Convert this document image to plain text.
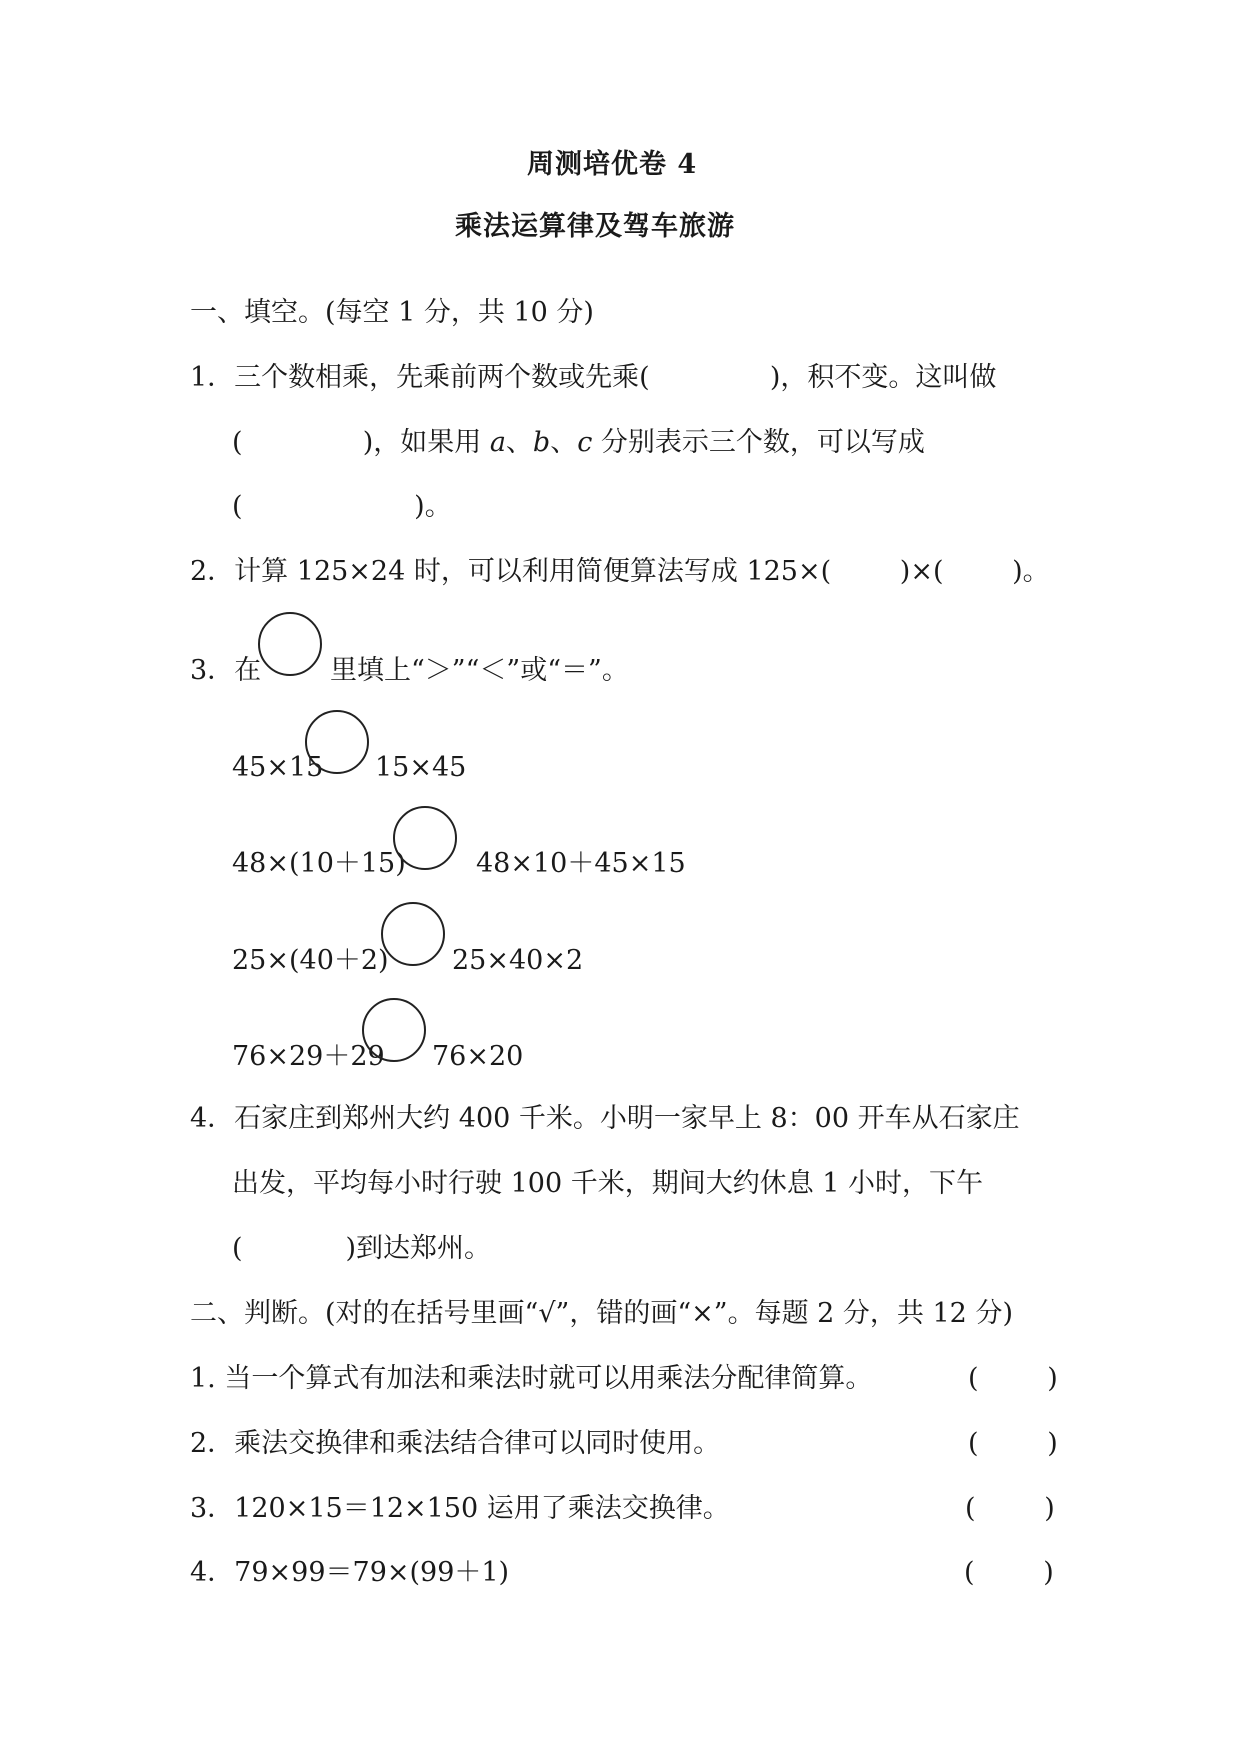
周测培优卷 4
乘法运算律及驾车旅游
一、填空。(每空 1 分，共 10 分)
1．三个数相乘，先乘前两个数或先乘(              )，积不变。这叫做
(              )，如果用 a、b、c 分别表示三个数，可以写成
(                    )。
2．计算 125×24 时，可以利用简便算法写成 125×(        )×(        )。
3．在	里填上“＞”“＜”或“＝”。
45×15 15×45
48×(10＋15)	48×10＋45×15
25×(40＋2) 25×40×2
76×29＋29 76×20
4．石家庄到郑州大约 400 千米。小明一家早上 8：00 开车从石家庄
出发，平均每小时行驶 100 千米，期间大约休息 1 小时，下午
(            )到达郑州。
二、判断。(对的在括号里画“√”，错的画“×”。每题 2 分，共 12 分)
1. 当一个算式有加法和乘法时就可以用乘法分配律简算。	(        )
2．乘法交换律和乘法结合律可以同时使用。	(        )
3．120×15＝12×150 运用了乘法交换律。	(        )
4．79×99＝79×(99＋1)	(        )
